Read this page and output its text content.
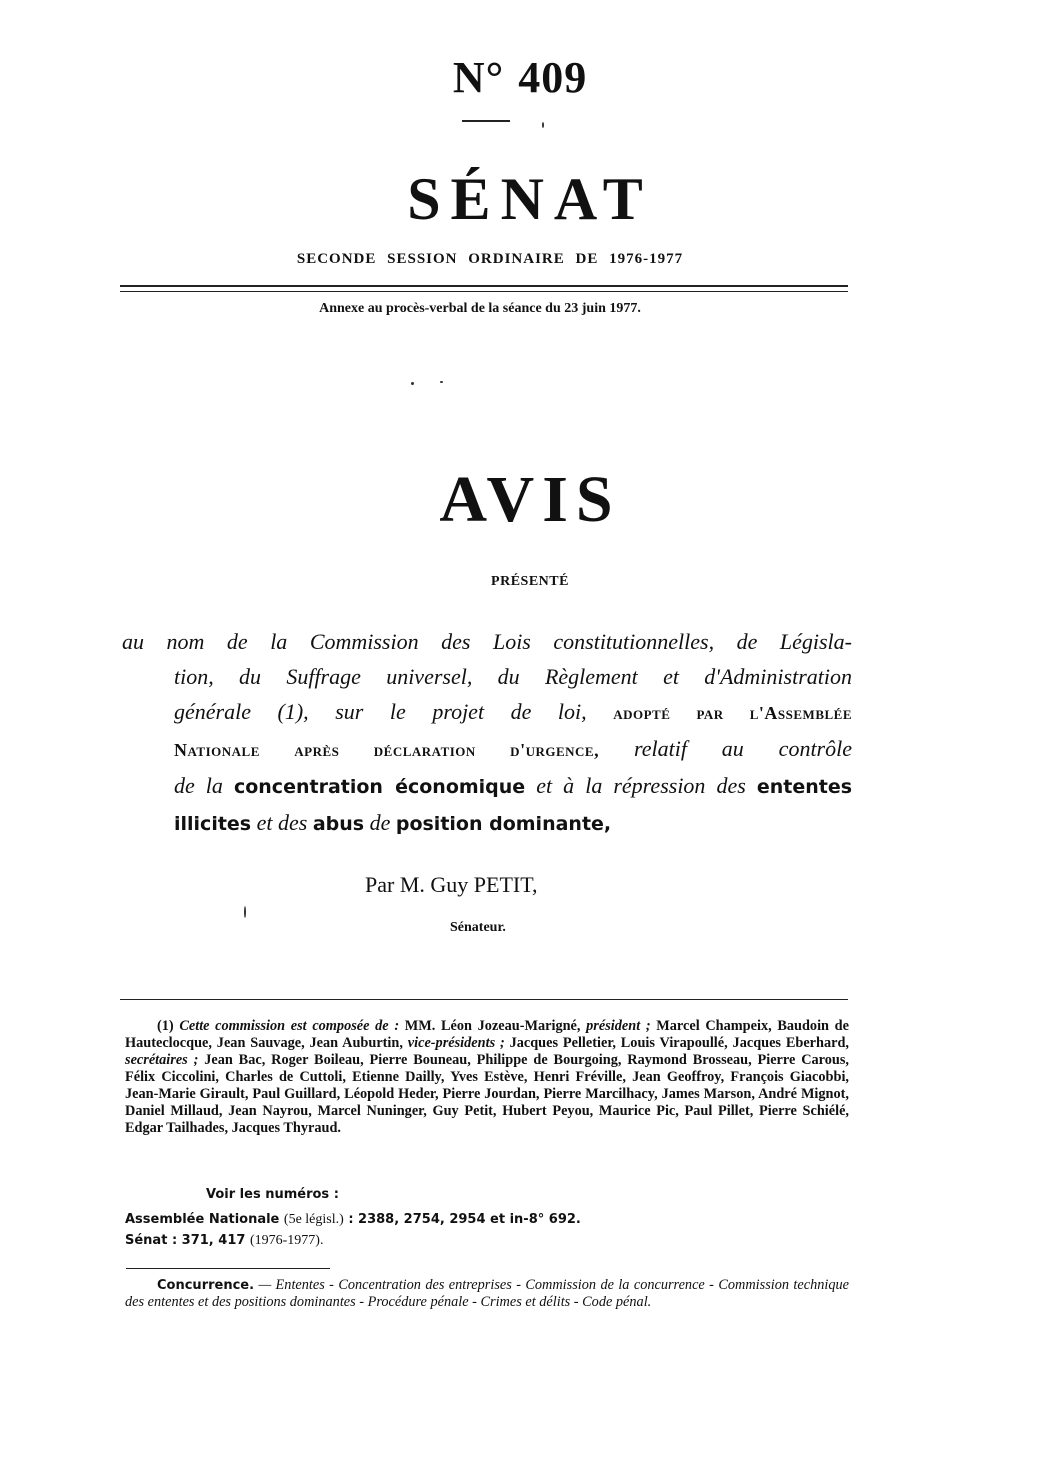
N° 409
SÉNAT
SECONDE SESSION ORDINAIRE DE 1976-1977
Annexe au procès-verbal de la séance du 23 juin 1977.
AVIS
PRÉSENTÉ
au nom de la Commission des Lois constitutionnelles, de Législa-
tion, du Suffrage universel, du Règlement et d'Administration
générale (1), sur le projet de loi, adopté par l'Assemblée
Nationale après déclaration d'urgence, relatif au contrôle
de la concentration économique et à la répression des ententes
illicites et des abus de position dominante,
Par M. Guy PETIT,
Sénateur.

(1) Cette commission est composée de : MM. Léon Jozeau-Marigné, président ; Marcel Champeix, Baudoin de Hauteclocque, Jean Sauvage, Jean Auburtin, vice-présidents ; Jacques Pelletier, Louis Virapoullé, Jacques Eberhard, secrétaires ; Jean Bac, Roger Boileau, Pierre Bouneau, Philippe de Bourgoing, Raymond Brosseau, Pierre Carous, Félix Ciccolini, Charles de Cuttoli, Etienne Dailly, Yves Estève, Henri Fréville, Jean Geoffroy, François Giacobbi, Jean-Marie Girault, Paul Guillard, Léopold Heder, Pierre Jourdan, Pierre Marcilhacy, James Marson, André Mignot, Daniel Millaud, Jean Nayrou, Marcel Nuninger, Guy Petit, Hubert Peyou, Maurice Pic, Paul Pillet, Pierre Schiélé, Edgar Tailhades, Jacques Thyraud.

Voir les numéros :
Assemblée Nationale (5e législ.) : 2388, 2754, 2954 et in-8° 692.
Sénat : 371, 417 (1976-1977).

Concurrence. — Ententes - Concentration des entreprises - Commission de la concurrence - Commission technique des ententes et des positions dominantes - Procédure pénale - Crimes et délits - Code pénal.
